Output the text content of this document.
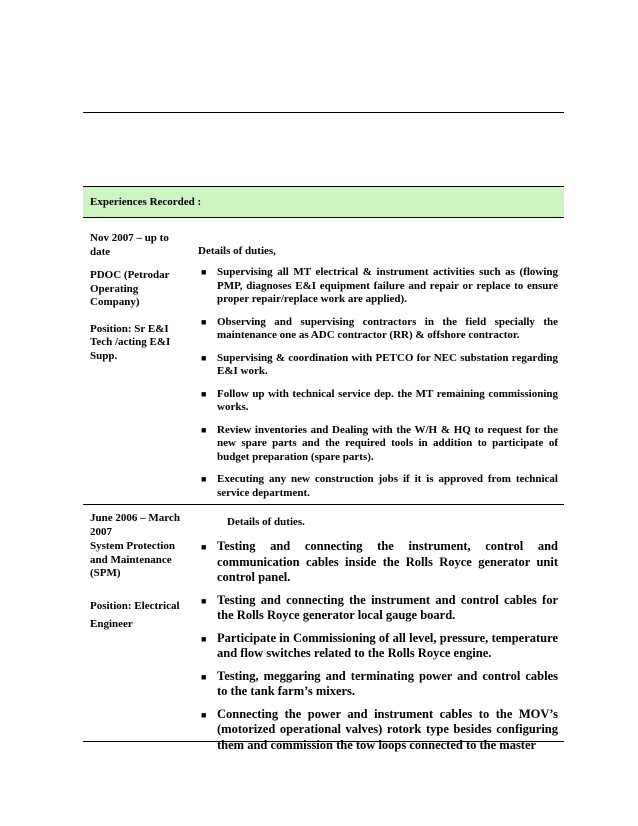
Experiences Recorded :

Nov 2007 – up to date

PDOC (Petrodar Operating Company)

Position: Sr E&I Tech /acting E&I Supp.

Details of duties,
■ Supervising all MT electrical & instrument activities such as (flowing PMP, diagnoses E&I equipment failure and repair or replace to ensure proper repair/replace work are applied).
■ Observing and supervising contractors in the field specially the maintenance one as ADC contractor (RR) & offshore contractor.
■ Supervising & coordination with PETCO for NEC substation regarding E&I work.
■ Follow up with technical service dep. the MT remaining commissioning works.
■ Review inventories and Dealing with the W/H & HQ to request for the new spare parts and the required tools in addition to participate of budget preparation (spare parts).
■ Executing any new construction jobs if it is approved from technical service department.

June 2006 – March 2007

System Protection and Maintenance (SPM)

Position: Electrical Engineer

Details of duties.
■ Testing and connecting the instrument, control and communication cables inside the Rolls Royce generator unit control panel.
■ Testing and connecting the instrument and control cables for the Rolls Royce generator local gauge board.
■ Participate in Commissioning of all level, pressure, temperature and flow switches related to the Rolls Royce engine.
■ Testing, meggaring and terminating power and control cables to the tank farm’s mixers.
■ Connecting the power and instrument cables to the MOV’s (motorized operational valves) rotork type besides configuring them and commission the tow loops connected to the master
